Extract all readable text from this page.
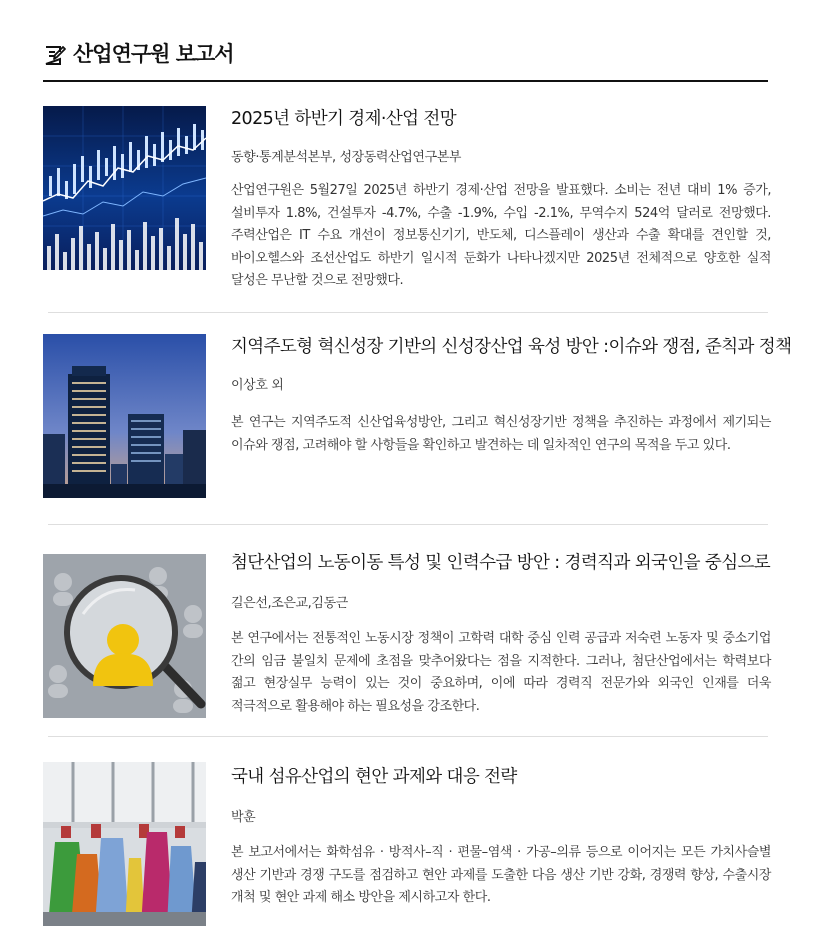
산업연구원 보고서
2025년 하반기 경제·산업 전망

동향·통계분석본부, 성장동력산업연구본부

산업연구원은 5월27일 2025년 하반기 경제·산업 전망을 발표했다. 소비는 전년 대비 1% 증가, 설비투자 1.8%, 건설투자 -4.7%, 수출 -1.9%, 수입 -2.1%, 무역수지 524억 달러로 전망했다. 주력산업은 IT 수요 개선이 정보통신기기, 반도체, 디스플레이 생산과 수출 확대를 견인할 것, 바이오헬스와 조선산업도 하반기 일시적 둔화가 나타나겠지만 2025년 전체적으로 양호한 실적 달성은 무난할 것으로 전망했다.

지역주도형 혁신성장 기반의 신성장산업 육성 방안 :이슈와 쟁점, 준칙과 정책

이상호 외

본 연구는 지역주도적 신산업육성방안, 그리고 혁신성장기반 정책을 추진하는 과정에서 제기되는 이슈와 쟁점, 고려해야 할 사항들을 확인하고 발견하는 데 일차적인 연구의 목적을 두고 있다.

첨단산업의 노동이동 특성 및 인력수급 방안 : 경력직과 외국인을 중심으로

길은선,조은교,김동근

본 연구에서는 전통적인 노동시장 정책이 고학력 대학 중심 인력 공급과 저숙련 노동자 및 중소기업 간의 임금 불일치 문제에 초점을 맞추어왔다는 점을 지적한다. 그러나, 첨단산업에서는 학력보다 젊고 현장실무 능력이 있는 것이 중요하며, 이에 따라 경력직 전문가와 외국인 인재를 더욱 적극적으로 활용해야 하는 필요성을 강조한다.

국내 섬유산업의 현안 과제와 대응 전략

박훈

본 보고서에서는 화학섬유 · 방적사–직 · 편물–염색 · 가공–의류 등으로 이어지는 모든 가치사슬별 생산 기반과 경쟁 구도를 점검하고 현안 과제를 도출한 다음 생산 기반 강화, 경쟁력 향상, 수출시장 개척 및 현안 과제 해소 방안을 제시하고자 한다.
